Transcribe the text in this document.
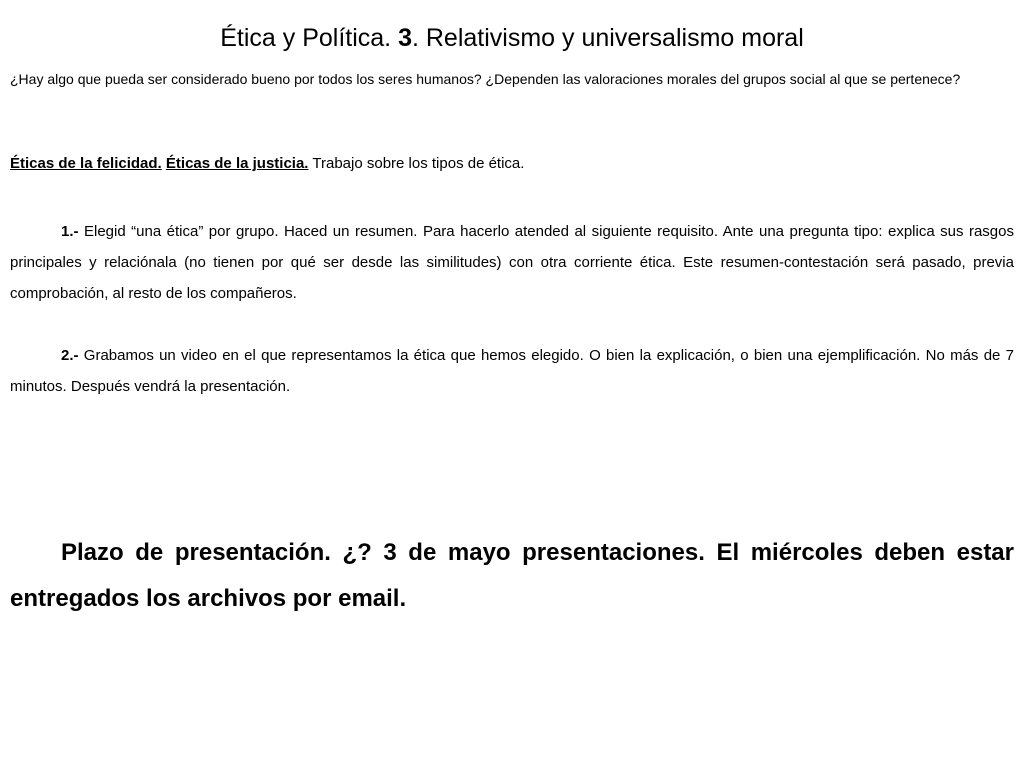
Ética y Política. 3. Relativismo y universalismo moral
¿Hay algo que pueda ser considerado bueno por todos los seres humanos? ¿Dependen las valoraciones morales del grupos social al que se pertenece?
Éticas de la felicidad. Éticas de la justicia. Trabajo sobre los tipos de ética.
1.- Elegid “una ética” por grupo. Haced un resumen. Para hacerlo atended al siguiente requisito. Ante una pregunta tipo: explica sus rasgos principales y relaciónala (no tienen por qué ser desde las similitudes) con otra corriente ética. Este resumen-contestación será pasado, previa comprobación, al resto de los compañeros.
2.- Grabamos un video en el que representamos la ética que hemos elegido. O bien la explicación, o bien una ejemplificación. No más de 7 minutos. Después vendrá la presentación.
Plazo de presentación. ¿? 3 de mayo presentaciones. El miércoles deben estar entregados los archivos por email.
